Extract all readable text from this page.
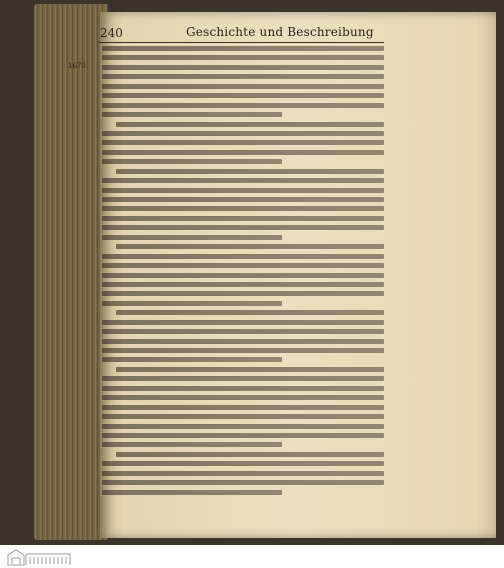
240	Geschichte und Beschreibung
1670.
